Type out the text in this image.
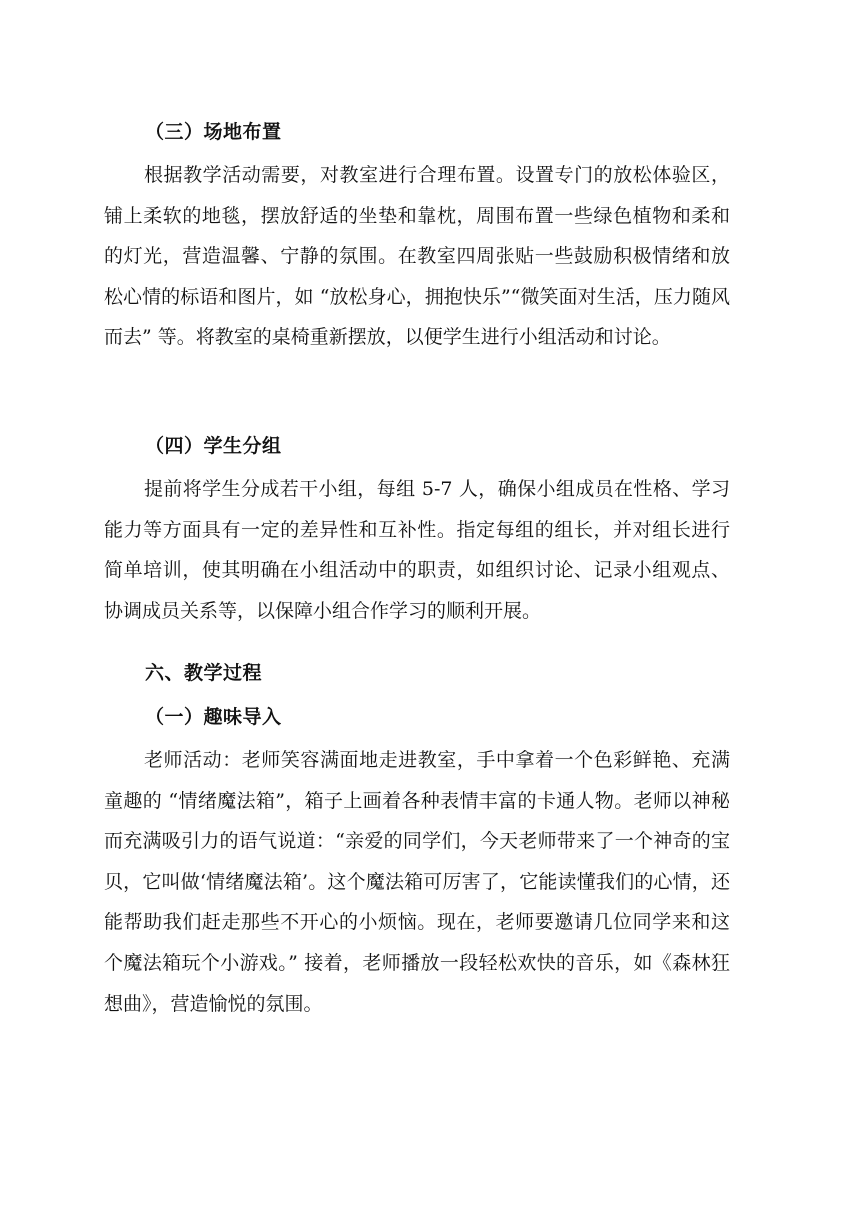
（三）场地布置
根据教学活动需要，对教室进行合理布置。设置专门的放松体验区，铺上柔软的地毯，摆放舒适的坐垫和靠枕，周围布置一些绿色植物和柔和的灯光，营造温馨、宁静的氛围。在教室四周张贴一些鼓励积极情绪和放松心情的标语和图片，如 “放松身心，拥抱快乐”“微笑面对生活，压力随风而去” 等。将教室的桌椅重新摆放，以便学生进行小组活动和讨论。
（四）学生分组
提前将学生分成若干小组，每组 5-7 人，确保小组成员在性格、学习能力等方面具有一定的差异性和互补性。指定每组的组长，并对组长进行简单培训，使其明确在小组活动中的职责，如组织讨论、记录小组观点、协调成员关系等，以保障小组合作学习的顺利开展。
六、教学过程
（一）趣味导入
老师活动：老师笑容满面地走进教室，手中拿着一个色彩鲜艳、充满童趣的 “情绪魔法箱”，箱子上画着各种表情丰富的卡通人物。老师以神秘而充满吸引力的语气说道：“亲爱的同学们，今天老师带来了一个神奇的宝贝，它叫做‘情绪魔法箱’。这个魔法箱可厉害了，它能读懂我们的心情，还能帮助我们赶走那些不开心的小烦恼。现在，老师要邀请几位同学来和这个魔法箱玩个小游戏。” 接着，老师播放一段轻松欢快的音乐，如《森林狂想曲》，营造愉悦的氛围。
